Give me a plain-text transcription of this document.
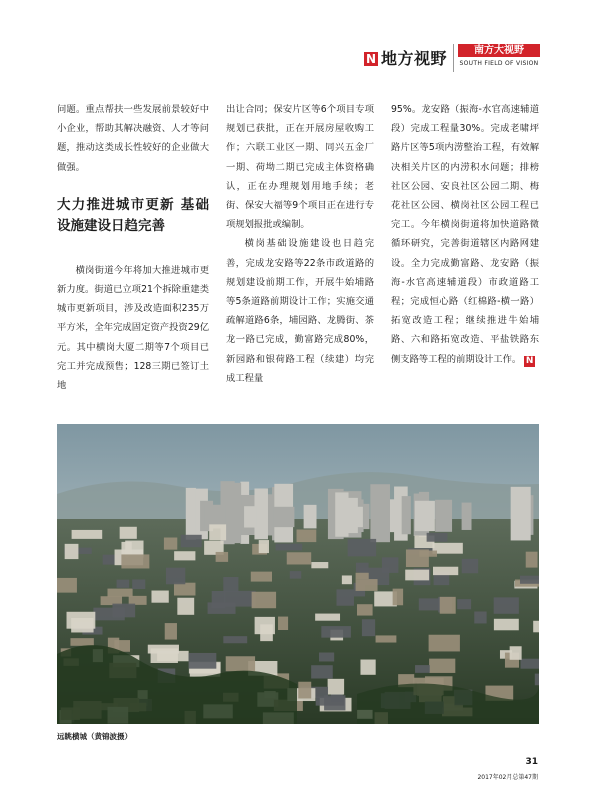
N 地方视野	南方大视野
SOUTH FIELD OF VISION

问题。重点帮扶一些发展前景较好中小企业，帮助其解决融资、人才等问题，推动这类成长性较好的企业做大做强。

大力推进城市更新 基础设施建设日趋完善

横岗街道今年将加大推进城市更新力度。街道已立项21个拆除重建类城市更新项目，涉及改造面积235万平方米，全年完成固定资产投资29亿元。其中横岗大厦二期等7个项目已完工并完成预售；128三期已签订土地

出让合同；保安片区等6个项目专项规划已获批，正在开展房屋收购工作；六联工业区一期、同兴五金厂一期、荷坳二期已完成主体资格确认，正在办理规划用地手续；老街、保安大福等9个项目正在进行专项规划报批或编制。

横岗基础设施建设也日趋完善，完成龙安路等22条市政道路的规划建设前期工作，开展牛始埔路等5条道路前期设计工作；实施交通疏解道路6条，埔园路、龙腾街、茶龙一路已完成，勤富路完成80%，新园路和银荷路工程（续建）均完成工程量

95%。龙安路（振海-水官高速辅道段）完成工程量30%。完成老啸坪路片区等5项内涝整治工程，有效解决相关片区的内涝积水问题；排榜社区公园、安良社区公园二期、梅花社区公园、横岗社区公园工程已完工。今年横岗街道将加快道路微循环研究，完善街道辖区内路网建设。全力完成勤富路、龙安路（振海-水官高速辅道段）市政道路工程；完成恒心路（红棉路-横一路）拓宽改造工程；继续推进牛始埔路、六和路拓宽改造、平盐铁路东侧支路等工程的前期设计工作。 N

远眺横城（黄锦波摄）
31
2017年02月总第47期
